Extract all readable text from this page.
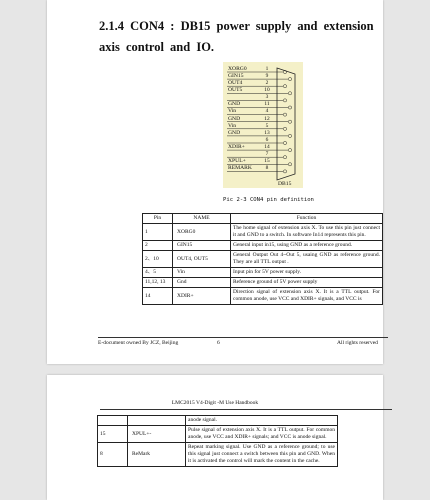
2.1.4 CON4 : DB15 power supply and extension axis control and IO.
XORG0	1
GIN15	9
OUT4	2
OUT5	10
3
GND	11
Vin	4
GND	12
Vin	5
GND	13
6
XDIR+	14
7
XPUL+	15
REMARK	8
DB15
Pic 2-3 CON4 pin definition
Pin	NAME	Function
1	XORG0	The home signal of extension axis X. To use this pin just connect it and GND to a switch. In software In14 represents this pin.
2	GIN15	General input in15, using GND as a reference ground.
2、10	OUT4, OUT5	General Output Out 4~Out 5, usaing GND as reference ground. They are all TTL output .
4、5	Vin	Input pin for 5V power supply.
11,12, 13	Gnd	Reference ground of 5V power supply
14	XDIR+	Direction signal of extension axis X. It is a TTL output. For common anode, use VCC and XDIR+ signals, and VCC is
E-document owned By JCZ, Beijing	6	All rights reserved
LMC2015 V4-Digit -M Use Handbook
		anode signal.
15	XPUL+-	Pulse signal of extension axis X. It is a TTL output. For common anode, use VCC and XDIR+ signals; and VCC is anode signal.
8	ReMark	Repeat marking signal. Use GND as a reference ground; to use this signal just connect a switch between this pin and GND. When it is activated the control will mark the content in the cache.
